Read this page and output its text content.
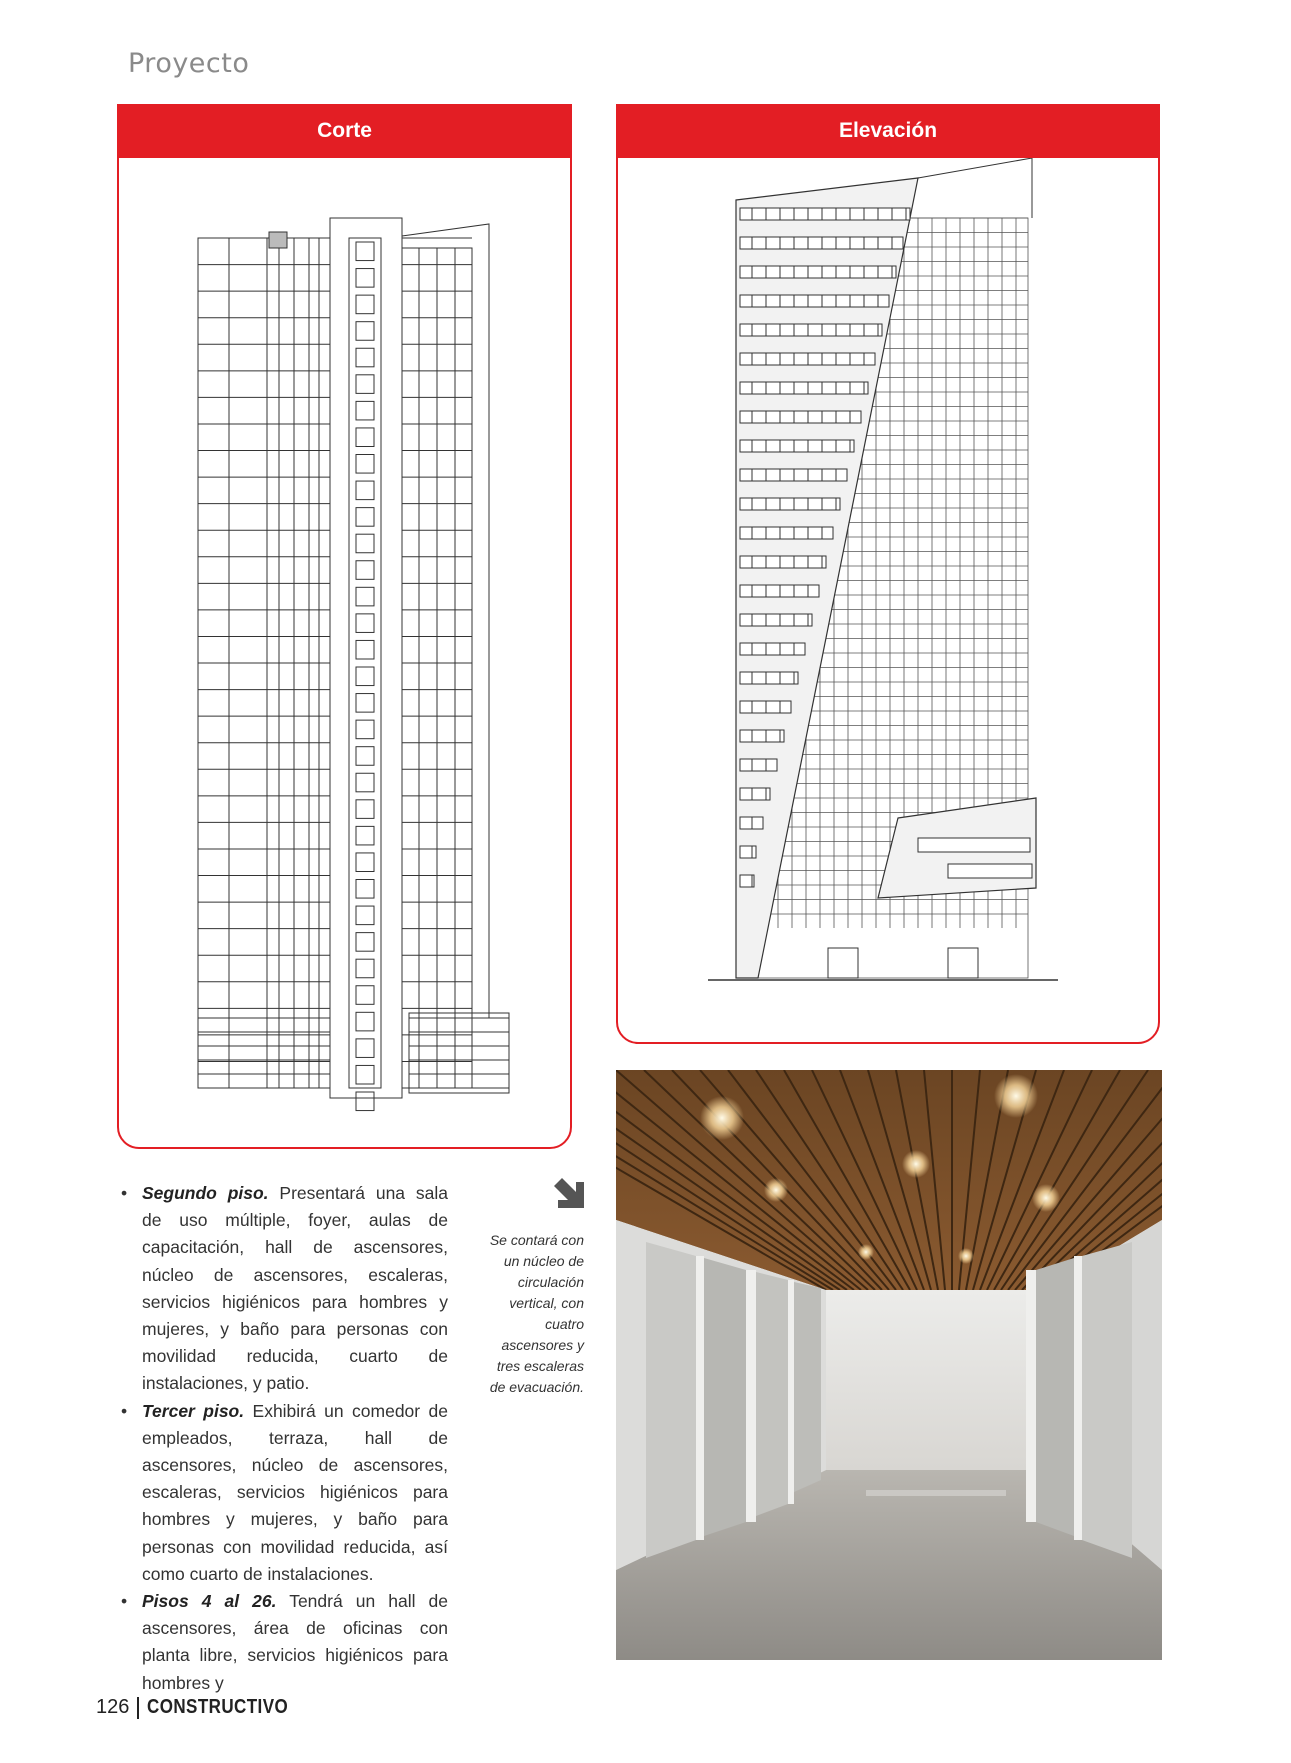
Proyecto
Corte	Elevación
• Segundo piso. Presentará una sala de uso múltiple, foyer, aulas de capacitación, hall de ascensores, núcleo de ascensores, escaleras, servicios higiénicos para hombres y mujeres, y baño para personas con movilidad reducida, cuarto de instalaciones, y patio.
• Tercer piso. Exhibirá un comedor de empleados, terraza, hall de ascensores, núcleo de ascensores, escaleras, servicios higiénicos para hombres y mujeres, y baño para personas con movilidad reducida, así como cuarto de instalaciones.
• Pisos 4 al 26. Tendrá un hall de ascensores, área de oficinas con planta libre, servicios higiénicos para hombres y
Se contará con un núcleo de circulación vertical, con cuatro ascensores y tres escaleras de evacuación.
126 CONSTRUCTIVO
